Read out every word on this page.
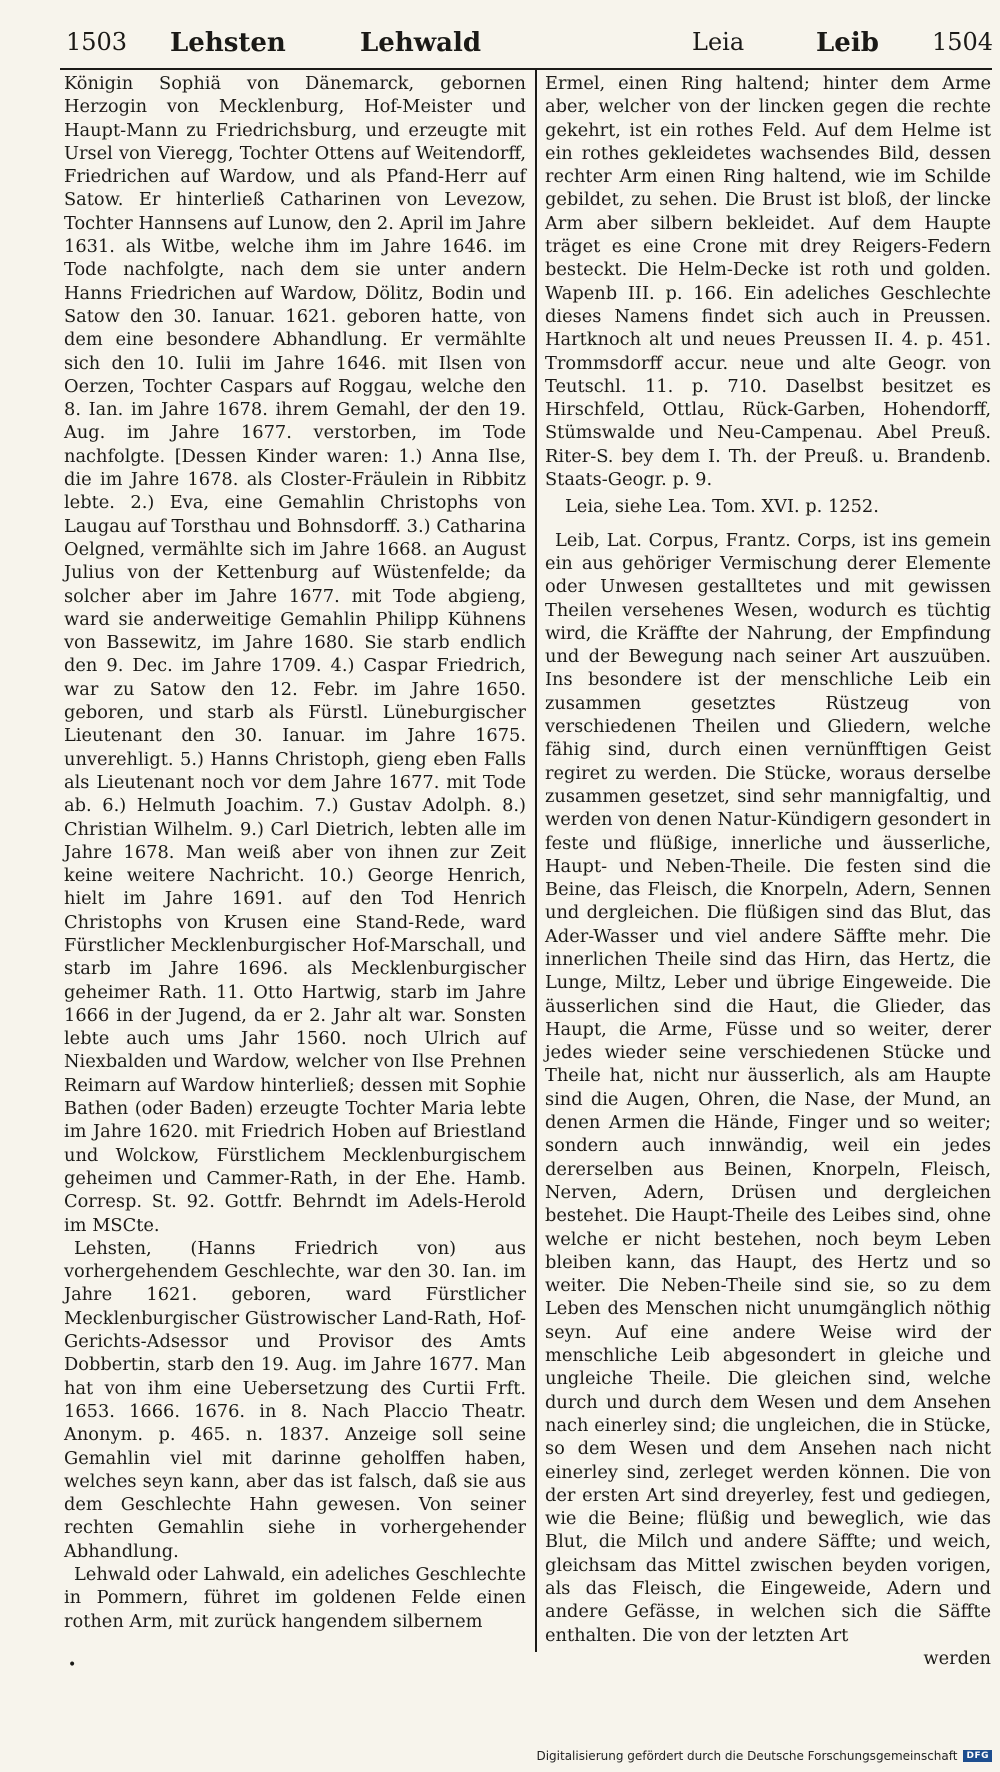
1503 Lehsten	Lehwald	Leia	Leib 1504

Königin Sophiä von Dänemarck, gebornen Herzogin von Mecklenburg, Hof-Meister und Haupt-Mann zu Friedrichsburg, und erzeugte mit Ursel von Vieregg, Tochter Ottens auf Weitendorff, Friedrichen auf Wardow, und als Pfand-Herr auf Satow. Er hinterließ Catharinen von Levezow, Tochter Hannsens auf Lunow, den 2. April im Jahre 1631. als Witbe, welche ihm im Jahre 1646. im Tode nachfolgte, nach dem sie unter andern Hanns Friedrichen auf Wardow, Dölitz, Bodin und Satow den 30. Ianuar. 1621. geboren hatte, von dem eine besondere Abhandlung. Er vermählte sich den 10. Iulii im Jahre 1646. mit Ilsen von Oerzen, Tochter Caspars auf Roggau, welche den 8. Ian. im Jahre 1678. ihrem Gemahl, der den 19. Aug. im Jahre 1677. verstorben, im Tode nachfolgte. [Dessen Kinder waren: 1.) Anna Ilse, die im Jahre 1678. als Closter-Fräulein in Ribbitz lebte. 2.) Eva, eine Gemahlin Christophs von Laugau auf Torsthau und Bohnsdorff. 3.) Catharina Oelgned, vermählte sich im Jahre 1668. an August Julius von der Kettenburg auf Wüstenfelde; da solcher aber im Jahre 1677. mit Tode abgieng, ward sie anderweitige Gemahlin Philipp Kühnens von Bassewitz, im Jahre 1680. Sie starb endlich den 9. Dec. im Jahre 1709. 4.) Caspar Friedrich, war zu Satow den 12. Febr. im Jahre 1650. geboren, und starb als Fürstl. Lüneburgischer Lieutenant den 30. Ianuar. im Jahre 1675. unverehligt. 5.) Hanns Christoph, gieng eben Falls als Lieutenant noch vor dem Jahre 1677. mit Tode ab. 6.) Helmuth Joachim. 7.) Gustav Adolph. 8.) Christian Wilhelm. 9.) Carl Dietrich, lebten alle im Jahre 1678. Man weiß aber von ihnen zur Zeit keine weitere Nachricht. 10.) George Henrich, hielt im Jahre 1691. auf den Tod Henrich Christophs von Krusen eine Stand-Rede, ward Fürstlicher Mecklenburgischer Hof-Marschall, und starb im Jahre 1696. als Mecklenburgischer geheimer Rath. 11. Otto Hartwig, starb im Jahre 1666 in der Jugend, da er 2. Jahr alt war. Sonsten lebte auch ums Jahr 1560. noch Ulrich auf Niexbalden und Wardow, welcher von Ilse Prehnen Reimarn auf Wardow hinterließ; dessen mit Sophie Bathen (oder Baden) erzeugte Tochter Maria lebte im Jahre 1620. mit Friedrich Hoben auf Briestland und Wolckow, Fürstlichem Mecklenburgischem geheimen und Cammer-Rath, in der Ehe. Hamb. Corresp. St. 92. Gottfr. Behrndt im Adels-Herold im MSCte.

Lehsten, (Hanns Friedrich von) aus vorhergehendem Geschlechte, war den 30. Ian. im Jahre 1621. geboren, ward Fürstlicher Mecklenburgischer Güstrowischer Land-Rath, Hof-Gerichts-Adsessor und Provisor des Amts Dobbertin, starb den 19. Aug. im Jahre 1677. Man hat von ihm eine Uebersetzung des Curtii Frft. 1653. 1666. 1676. in 8. Nach Placcio Theatr. Anonym. p. 465. n. 1837. Anzeige soll seine Gemahlin viel mit darinne geholffen haben, welches seyn kann, aber das ist falsch, daß sie aus dem Geschlechte Hahn gewesen. Von seiner rechten Gemahlin siehe in vorhergehender Abhandlung.

Lehwald oder Lahwald, ein adeliches Geschlechte in Pommern, führet im goldenen Felde einen rothen Arm, mit zurück hangendem silbernem

Ermel, einen Ring haltend; hinter dem Arme aber, welcher von der lincken gegen die rechte gekehrt, ist ein rothes Feld. Auf dem Helme ist ein rothes gekleidetes wachsendes Bild, dessen rechter Arm einen Ring haltend, wie im Schilde gebildet, zu sehen. Die Brust ist bloß, der lincke Arm aber silbern bekleidet. Auf dem Haupte träget es eine Crone mit drey Reigers-Federn besteckt. Die Helm-Decke ist roth und golden. Wapenb III. p. 166. Ein adeliches Geschlechte dieses Namens findet sich auch in Preussen. Hartknoch alt und neues Preussen II. 4. p. 451. Trommsdorff accur. neue und alte Geogr. von Teutschl. 11. p. 710. Daselbst besitzet es Hirschfeld, Ottlau, Rück-Garben, Hohendorff, Stümswalde und Neu-Campenau. Abel Preuß. Riter-S. bey dem I. Th. der Preuß. u. Brandenb. Staats-Geogr. p. 9.

Leia, siehe Lea. Tom. XVI. p. 1252.

Leib, Lat. Corpus, Frantz. Corps, ist ins gemein ein aus gehöriger Vermischung derer Elemente oder Unwesen gestalltetes und mit gewissen Theilen versehenes Wesen, wodurch es tüchtig wird, die Kräffte der Nahrung, der Empfindung und der Bewegung nach seiner Art auszuüben. Ins besondere ist der menschliche Leib ein zusammen gesetztes Rüstzeug von verschiedenen Theilen und Gliedern, welche fähig sind, durch einen vernünfftigen Geist regiret zu werden. Die Stücke, woraus derselbe zusammen gesetzet, sind sehr mannigfaltig, und werden von denen Natur-Kündigern gesondert in feste und flüßige, innerliche und äusserliche, Haupt- und Neben-Theile. Die festen sind die Beine, das Fleisch, die Knorpeln, Adern, Sennen und dergleichen. Die flüßigen sind das Blut, das Ader-Wasser und viel andere Säffte mehr. Die innerlichen Theile sind das Hirn, das Hertz, die Lunge, Miltz, Leber und übrige Eingeweide. Die äusserlichen sind die Haut, die Glieder, das Haupt, die Arme, Füsse und so weiter, derer jedes wieder seine verschiedenen Stücke und Theile hat, nicht nur äusserlich, als am Haupte sind die Augen, Ohren, die Nase, der Mund, an denen Armen die Hände, Finger und so weiter; sondern auch innwändig, weil ein jedes dererselben aus Beinen, Knorpeln, Fleisch, Nerven, Adern, Drüsen und dergleichen bestehet. Die Haupt-Theile des Leibes sind, ohne welche er nicht bestehen, noch beym Leben bleiben kann, das Haupt, des Hertz und so weiter. Die Neben-Theile sind sie, so zu dem Leben des Menschen nicht unumgänglich nöthig seyn. Auf eine andere Weise wird der menschliche Leib abgesondert in gleiche und ungleiche Theile. Die gleichen sind, welche durch und durch dem Wesen und dem Ansehen nach einerley sind; die ungleichen, die in Stücke, so dem Wesen und dem Ansehen nach nicht einerley sind, zerleget werden können. Die von der ersten Art sind dreyerley, fest und gediegen, wie die Beine; flüßig und beweglich, wie das Blut, die Milch und andere Säffte; und weich, gleichsam das Mittel zwischen beyden vorigen, als das Fleisch, die Eingeweide, Adern und andere Gefässe, in welchen sich die Säffte enthalten. Die von der letzten Art

werden

•
Digitalisierung gefördert durch die Deutsche Forschungsgemeinschaft	DFG
